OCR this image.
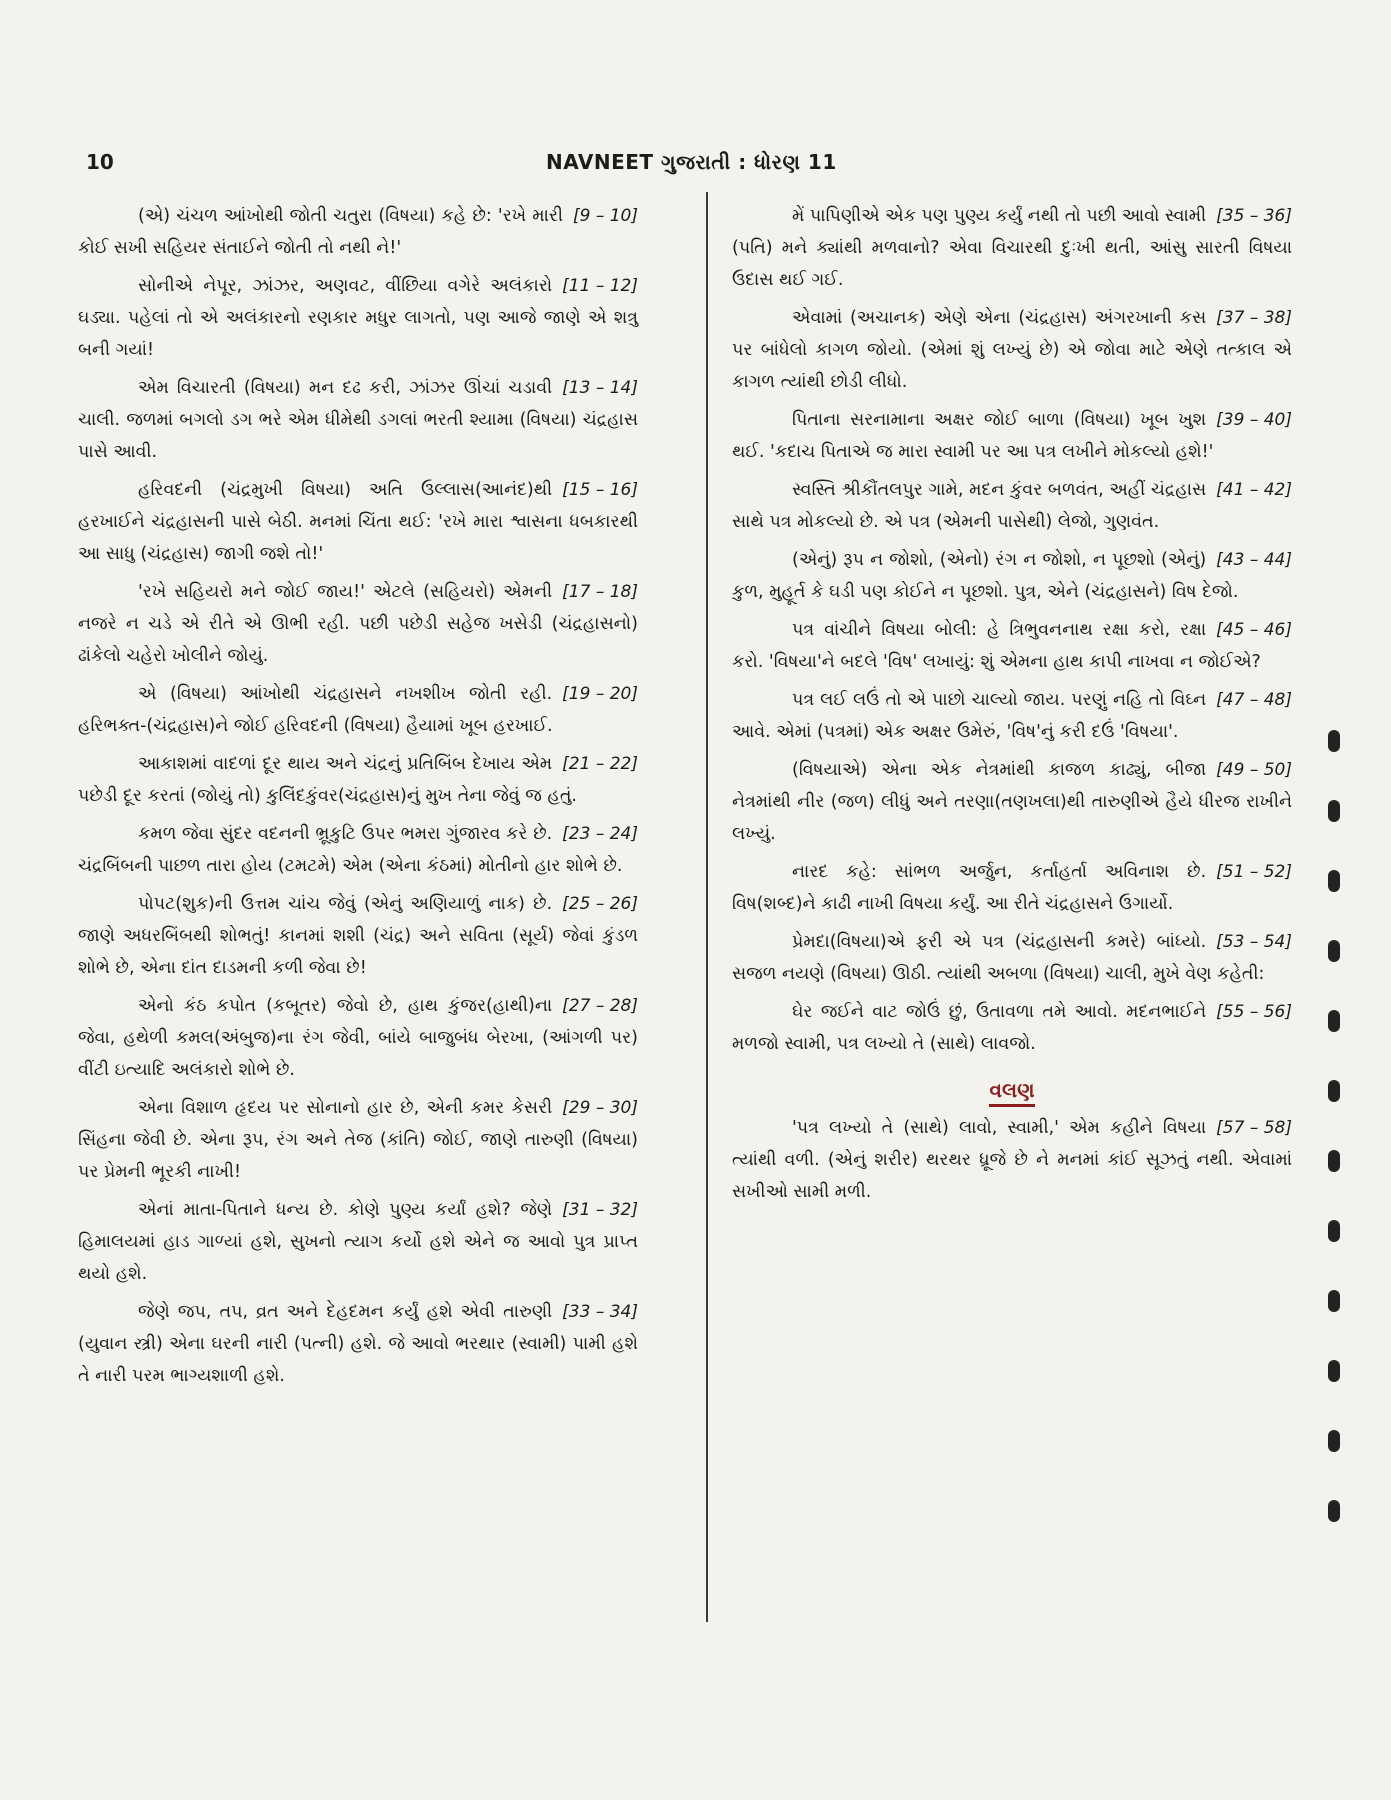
10	NAVNEET ગુજરાતી : ધોરણ 11

[9 – 10]
(એ) ચંચળ આંખોથી જોતી ચતુરા (વિષયા) કહે છે: 'રખે મારી કોઈ સખી સહિયર સંતાઈને જોતી તો નથી ને!'

[11 – 12]
સોનીએ નેપૂર, ઝાંઝર, અણવટ, વીંછિયા વગેરે અલંકારો ઘડ્યા. પહેલાં તો એ અલંકારનો રણકાર મધુર લાગતો, પણ આજે જાણે એ શત્રુ બની ગયાં!

[13 – 14]
એમ વિચારતી (વિષયા) મન દઢ કરી, ઝાંઝર ઊંચાં ચડાવી ચાલી. જળમાં બગલો ડગ ભરે એમ ધીમેથી ડગલાં ભરતી શ્યામા (વિષયા) ચંદ્રહાસ પાસે આવી.

[15 – 16]
હરિવદની (ચંદ્રમુખી વિષયા) અતિ ઉલ્લાસ(આનંદ)થી હરખાઈને ચંદ્રહાસની પાસે બેઠી. મનમાં ચિંતા થઈ: 'રખે મારા શ્વાસના ધબકારથી આ સાધુ (ચંદ્રહાસ) જાગી જશે તો!'

[17 – 18]
'રખે સહિયરો મને જોઈ જાય!' એટલે (સહિયરો) એમની નજરે ન ચડે એ રીતે એ ઊભી રહી. પછી પછેડી સહેજ ખસેડી (ચંદ્રહાસનો) ઢાંકેલો ચહેરો ખોલીને જોયું.

[19 – 20]
એ (વિષયા) આંખોથી ચંદ્રહાસને નખશીખ જોતી રહી. હરિભક્ત-(ચંદ્રહાસ)ને જોઈ હરિવદની (વિષયા) હૈયામાં ખૂબ હરખાઈ.

[21 – 22]
આકાશમાં વાદળાં દૂર થાય અને ચંદ્રનું પ્રતિબિંબ દેખાય એમ પછેડી દૂર કરતાં (જોયું તો) કુલિંદકુંવર(ચંદ્રહાસ)નું મુખ તેના જેવું જ હતું.

[23 – 24]
કમળ જેવા સુંદર વદનની ભ્રૂકુટિ ઉપર ભમરા ગુંજારવ કરે છે. ચંદ્રબિંબની પાછળ તારા હોય (ટમટમે) એમ (એના કંઠમાં) મોતીનો હાર શોભે છે.

[25 – 26]
પોપટ(શુક)ની ઉત્તમ ચાંચ જેવું (એનું અણિયાળું નાક) છે. જાણે અધરબિંબથી શોભતું! કાનમાં શશી (ચંદ્ર) અને સવિતા (સૂર્ય) જેવાં કુંડળ શોભે છે, એના દાંત દાડમની કળી જેવા છે!

[27 – 28]
એનો કંઠ કપોત (કબૂતર) જેવો છે, હાથ કુંજર(હાથી)ના જેવા, હથેળી કમલ(અંબુજ)ના રંગ જેવી, બાંયે બાજુબંધ બેરખા, (આંગળી પર) વીંટી ઇત્યાદિ અલંકારો શોભે છે.

[29 – 30]
એના વિશાળ હૃદય પર સોનાનો હાર છે, એની કમર કેસરી સિંહના જેવી છે. એના રૂપ, રંગ અને તેજ (કાંતિ) જોઈ, જાણે તારુણી (વિષયા) પર પ્રેમની ભૂરકી નાખી!

[31 – 32]
એનાં માતા-પિતાને ધન્ય છે. કોણે પુણ્ય કર્યાં હશે? જેણે હિમાલયમાં હાડ ગાળ્યાં હશે, સુખનો ત્યાગ કર્યો હશે એને જ આવો પુત્ર પ્રાપ્ત થયો હશે.

[33 – 34]
જેણે જપ, તપ, વ્રત અને દેહદમન કર્યું હશે એવી તારુણી (યુવાન સ્ત્રી) એના ઘરની નારી (પત્ની) હશે. જે આવો ભરથાર (સ્વામી) પામી હશે તે નારી પરમ ભાગ્યશાળી હશે.

[35 – 36]
મેં પાપિણીએ એક પણ પુણ્ય કર્યું નથી તો પછી આવો સ્વામી (પતિ) મને ક્યાંથી મળવાનો? એવા વિચારથી દુઃખી થતી, આંસુ સારતી વિષયા ઉદાસ થઈ ગઈ.

[37 – 38]
એવામાં (અચાનક) એણે એના (ચંદ્રહાસ) અંગરખાની કસ પર બાંધેલો કાગળ જોયો. (એમાં શું લખ્યું છે) એ જોવા માટે એણે તત્કાલ એ કાગળ ત્યાંથી છોડી લીધો.

[39 – 40]
પિતાના સરનામાના અક્ષર જોઈ બાળા (વિષયા) ખૂબ ખુશ થઈ. 'કદાચ પિતાએ જ મારા સ્વામી પર આ પત્ર લખીને મોકલ્યો હશે!'

[41 – 42]
સ્વસ્તિ શ્રીકૌંતલપુર ગામે, મદન કુંવર બળવંત, અહીં ચંદ્રહાસ સાથે પત્ર મોકલ્યો છે. એ પત્ર (એમની પાસેથી) લેજો, ગુણવંત.

[43 – 44]
(એનું) રૂપ ન જોશો, (એનો) રંગ ન જોશો, ન પૂછશો (એનું) કુળ, મુહૂર્ત કે ઘડી પણ કોઈને ન પૂછશો. પુત્ર, એને (ચંદ્રહાસને) વિષ દેજો.

[45 – 46]
પત્ર વાંચીને વિષયા બોલી: હે ત્રિભુવનનાથ રક્ષા કરો, રક્ષા કરો. 'વિષયા'ને બદલે 'વિષ' લખાયું: શું એમના હાથ કાપી નાખવા ન જોઈએ?

[47 – 48]
પત્ર લઈ લઉં તો એ પાછો ચાલ્યો જાય. પરણું નહિ તો વિઘ્ન આવે. એમાં (પત્રમાં) એક અક્ષર ઉમેરું, 'વિષ'નું કરી દઉં 'વિષયા'.

[49 – 50]
(વિષયાએ) એના એક નેત્રમાંથી કાજળ કાઢ્યું, બીજા નેત્રમાંથી નીર (જળ) લીધું અને તરણા(તણખલા)થી તારુણીએ હૈયે ધીરજ રાખીને લખ્યું.

[51 – 52]
નારદ કહે: સાંભળ અર્જુન, કર્તાહર્તા અવિનાશ છે. વિષ(શબ્દ)ને કાઢી નાખી વિષયા કર્યું. આ રીતે ચંદ્રહાસને ઉગાર્યો.

[53 – 54]
પ્રેમદા(વિષયા)એ ફરી એ પત્ર (ચંદ્રહાસની કમરે) બાંધ્યો. સજળ નયણે (વિષયા) ઊઠી. ત્યાંથી અબળા (વિષયા) ચાલી, મુખે વેણ કહેતી:

[55 – 56]
ઘેર જઈને વાટ જોઉં છું, ઉતાવળા તમે આવો. મદનભાઈને મળજો સ્વામી, પત્ર લખ્યો તે (સાથે) લાવજો.

વલણ

[57 – 58]
'પત્ર લખ્યો તે (સાથે) લાવો, સ્વામી,' એમ કહીને વિષયા ત્યાંથી વળી. (એનું શરીર) થરથર ધ્રૂજે છે ને મનમાં કાંઈ સૂઝતું નથી. એવામાં સખીઓ સામી મળી.
